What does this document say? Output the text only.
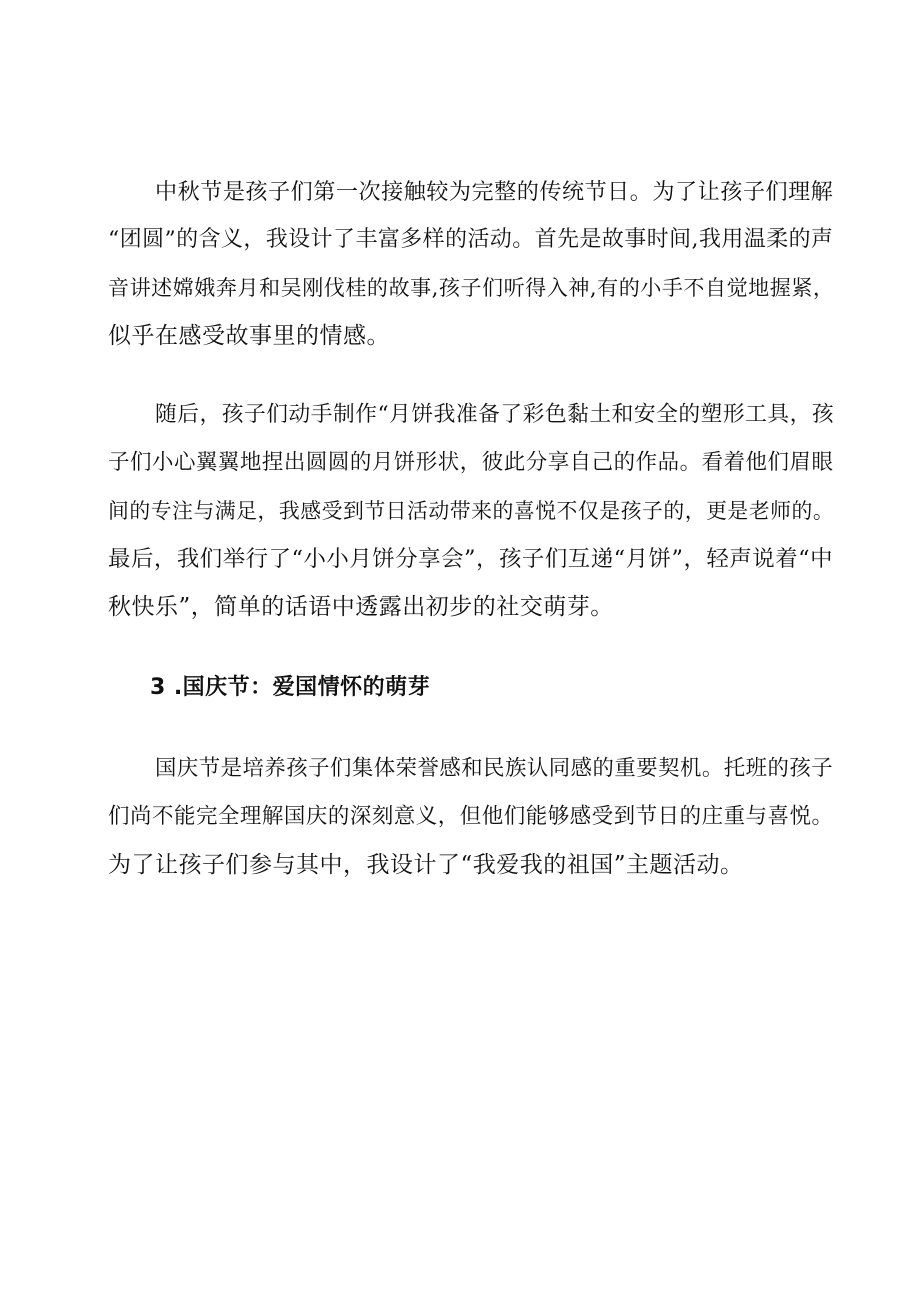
中秋节是孩子们第一次接触较为完整的传统节日。为了让孩子们理解
“团圆”的含义，我设计了丰富多样的活动。首先是故事时间,我用温柔的声
音讲述嫦娥奔月和吴刚伐桂的故事,孩子们听得入神,有的小手不自觉地握紧，
似乎在感受故事里的情感。

随后，孩子们动手制作“月饼我准备了彩色黏土和安全的塑形工具，孩
子们小心翼翼地捏出圆圆的月饼形状，彼此分享自己的作品。看着他们眉眼
间的专注与满足，我感受到节日活动带来的喜悦不仅是孩子的，更是老师的。
最后，我们举行了“小小月饼分享会”，孩子们互递“月饼”，轻声说着“中
秋快乐”，简单的话语中透露出初步的社交萌芽。

3 .国庆节：爱国情怀的萌芽

国庆节是培养孩子们集体荣誉感和民族认同感的重要契机。托班的孩子
们尚不能完全理解国庆的深刻意义，但他们能够感受到节日的庄重与喜悦。
为了让孩子们参与其中，我设计了“我爱我的祖国”主题活动。
